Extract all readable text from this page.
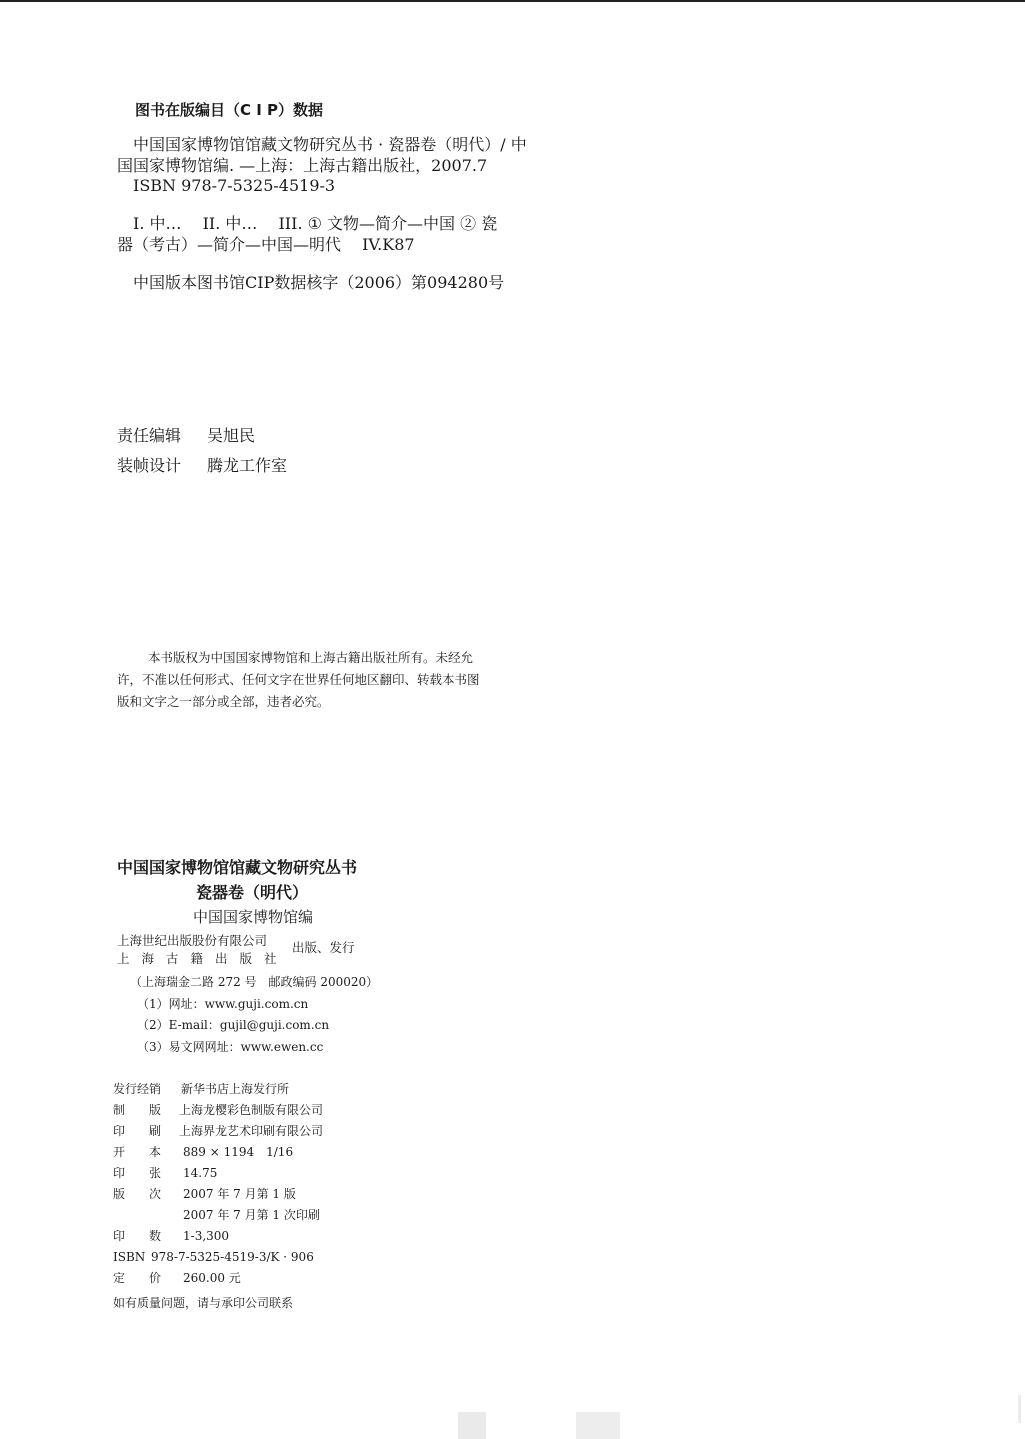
图书在版编目（C I P）数据
中国国家博物馆馆藏文物研究丛书 · 瓷器卷（明代）/ 中
国国家博物馆编. —上海：上海古籍出版社，2007.7
ISBN 978-7-5325-4519-3
I. 中…　 II. 中…　 III. ① 文物—简介—中国 ② 瓷
器（考古）—简介—中国—明代　 IV.K87
中国版本图书馆CIP数据核字（2006）第094280号
责任编辑 吴旭民
装帧设计 腾龙工作室
本书版权为中国国家博物馆和上海古籍出版社所有。未经允
许，不准以任何形式、任何文字在世界任何地区翻印、转载本书图
版和文字之一部分或全部，违者必究。
中国国家博物馆馆藏文物研究丛书
瓷器卷（明代）
中国国家博物馆编
上海世纪出版股份有限公司
上海古籍出版社
出版、发行
（上海瑞金二路 272 号　邮政编码 200020）
（1）网址：www.guji.com.cn
（2）E-mail：gujil@guji.com.cn
（3）易文网网址：www.ewen.cc
发行经销 新华书店上海发行所
制　　版 上海龙樱彩色制版有限公司
印　　刷 上海界龙艺术印刷有限公司
开　　本 889 × 1194　1/16
印　　张 14.75
版　　次 2007 年 7 月第 1 版
2007 年 7 月第 1 次印刷
印　　数 1-3,300
ISBN 978-7-5325-4519-3/K · 906
定　　价 260.00 元
如有质量问题，请与承印公司联系
